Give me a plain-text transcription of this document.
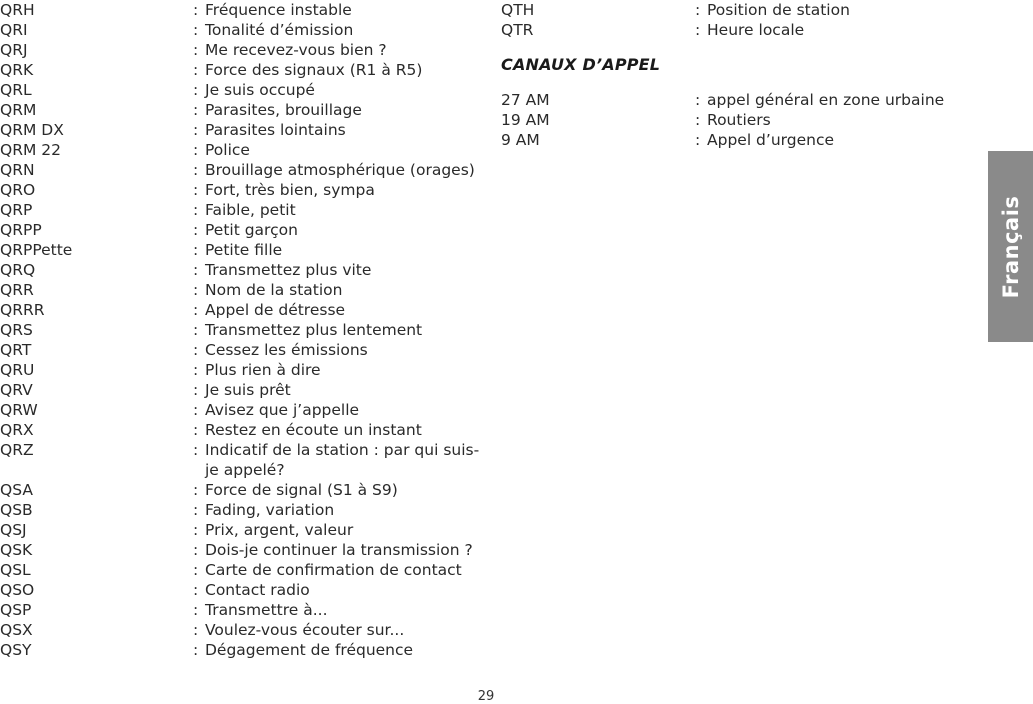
QRH	: Fréquence instable
QRI	: Tonalité d’émission
QRJ	: Me recevez-vous bien ?
QRK	: Force des signaux (R1 à R5)
QRL	: Je suis occupé
QRM	: Parasites, brouillage
QRM DX	: Parasites lointains
QRM 22	: Police
QRN	: Brouillage atmosphérique (orages)
QRO	: Fort, très bien, sympa
QRP	: Faible, petit
QRPP	: Petit garçon
QRPPette	: Petite fille
QRQ	: Transmettez plus vite
QRR	: Nom de la station
QRRR	: Appel de détresse
QRS	: Transmettez plus lentement
QRT	: Cessez les émissions
QRU	: Plus rien à dire
QRV	: Je suis prêt
QRW	: Avisez que j’appelle
QRX	: Restez en écoute un instant
QRZ	: Indicatif de la station : par qui suis-je appelé?
QSA	: Force de signal (S1 à S9)
QSB	: Fading, variation
QSJ	: Prix, argent, valeur
QSK	: Dois-je continuer la transmission ?
QSL	: Carte de confirmation de contact
QSO	: Contact radio
QSP	: Transmettre à...
QSX	: Voulez-vous écouter sur...
QSY	: Dégagement de fréquence
QTH	: Position de station
QTR	: Heure locale
CANAUX D’APPEL
27 AM	: appel général en zone urbaine
19 AM	: Routiers
9 AM	: Appel d’urgence
29
Français
